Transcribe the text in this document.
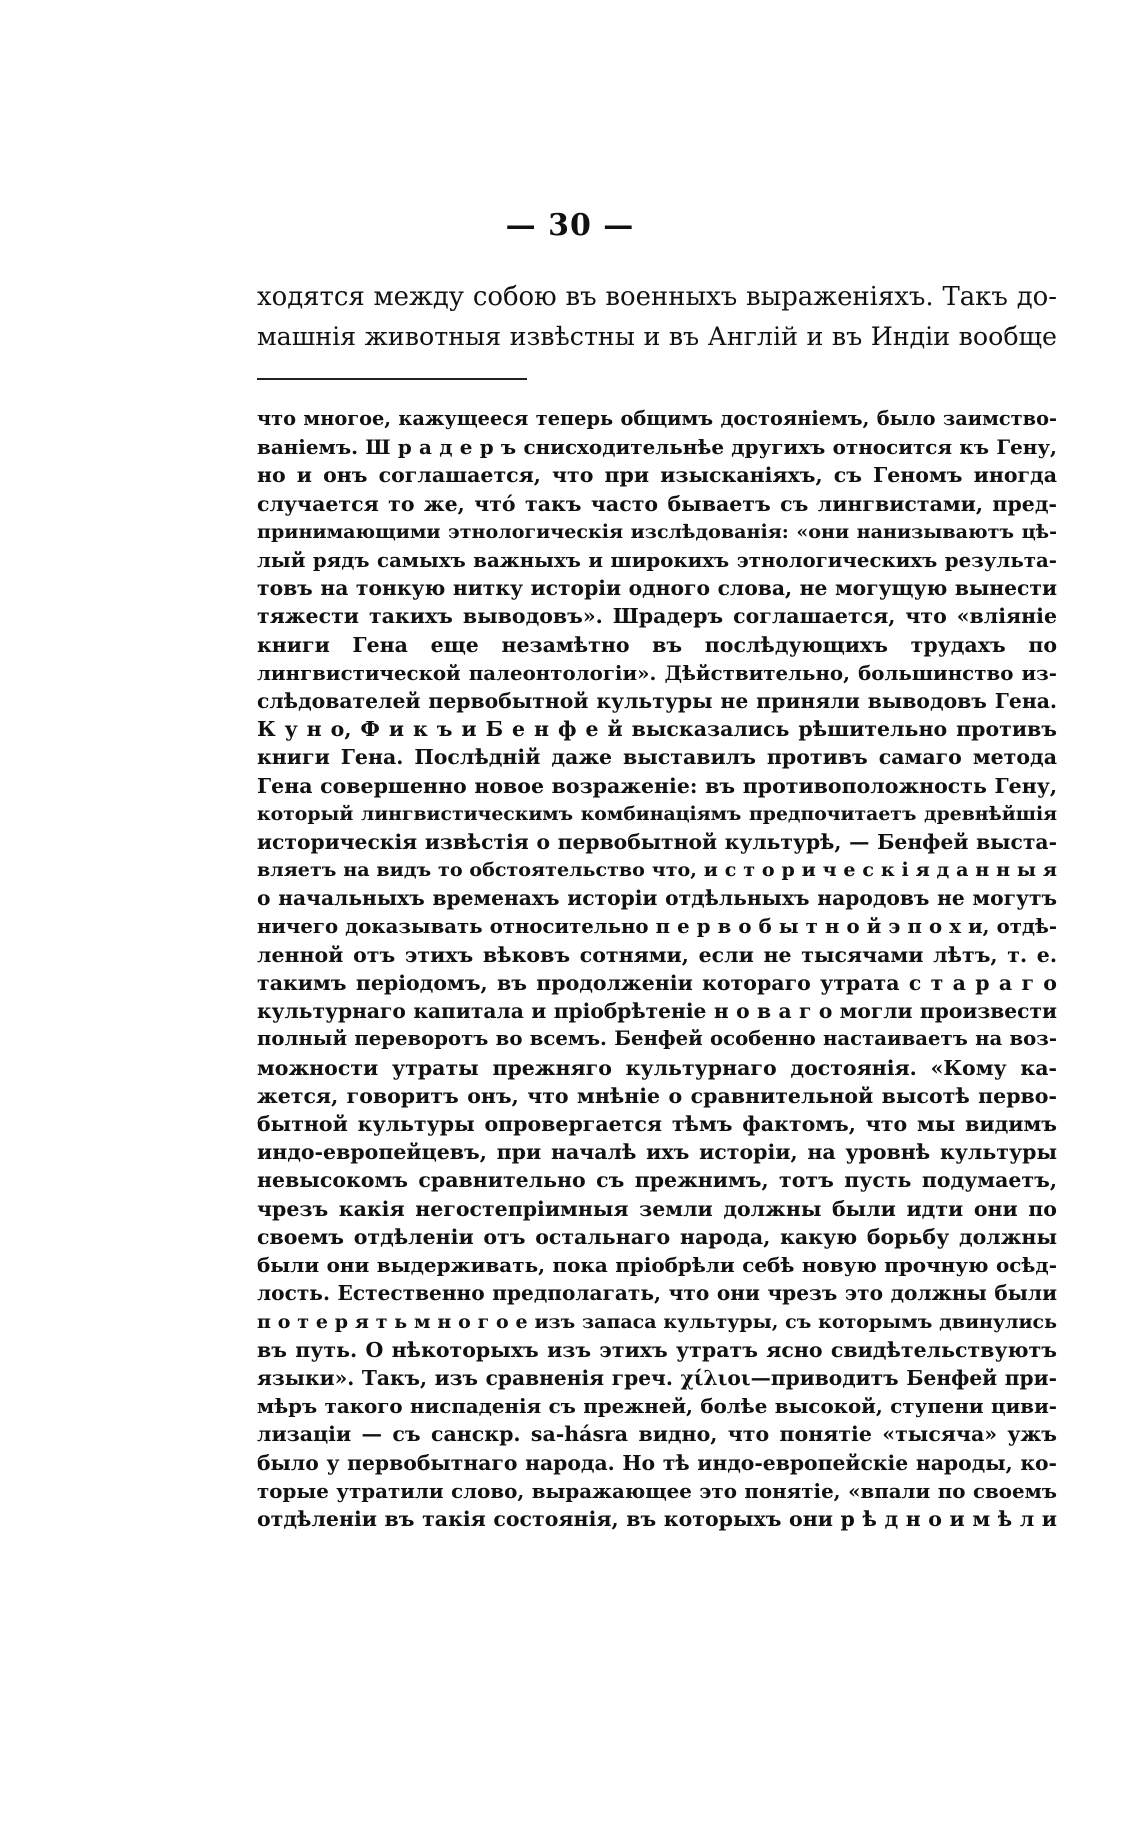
— 30 —
ходятся между собою въ военныхъ выраженіяхъ. Такъ до-
машнія животныя извѣстны и въ Англій и въ Индіи вообще
что многое, кажущееся теперь общимъ достояніемъ, было заимство-
ваніемъ. Ш р а д е р ъ снисходительнѣе другихъ относится къ Гену,
но и онъ соглашается, что при изысканіяхъ, съ Геномъ иногда
случается то же, чтó такъ часто бываетъ съ лингвистами, пред-
принимающими этнологическія изслѣдованія: «они нанизываютъ цѣ-
лый рядъ самыхъ важныхъ и широкихъ этнологическихъ результа-
товъ на тонкую нитку исторіи одного слова, не могущую вынести
тяжести такихъ выводовъ». Шрадеръ соглашается, что «вліяніе
книги Гена еще незамѣтно въ послѣдующихъ трудахъ по
лингвистической палеонтологіи». Дѣйствительно, большинство из-
слѣдователей первобытной культуры не приняли выводовъ Гена.
К у н о, Ф и к ъ и Б е н ф е й высказались рѣшительно противъ
книги Гена. Послѣдній даже выставилъ противъ самаго метода
Гена совершенно новое возраженіе: въ противоположность Гену,
который лингвистическимъ комбинаціямъ предпочитаетъ древнѣйшія
историческія извѣстія о первобытной культурѣ, — Бенфей выста-
вляетъ на видъ то обстоятельство что, и с т о р и ч е с к і я д а н н ы я
о начальныхъ временахъ исторіи отдѣльныхъ народовъ не могутъ
ничего доказывать относительно п е р в о б ы т н о й э п о х и, отдѣ-
ленной отъ этихъ вѣковъ сотнями, если не тысячами лѣтъ, т. е.
такимъ періодомъ, въ продолженіи котораго утрата с т а р а г о
культурнаго капитала и пріобрѣтеніе н о в а г о могли произвести
полный переворотъ во всемъ. Бенфей особенно настаиваетъ на воз-
можности утраты прежняго культурнаго достоянія. «Кому ка-
жется, говоритъ онъ, что мнѣніе о сравнительной высотѣ перво-
бытной культуры опровергается тѣмъ фактомъ, что мы видимъ
индо-европейцевъ, при началѣ ихъ исторіи, на уровнѣ культуры
невысокомъ сравнительно съ прежнимъ, тотъ пусть подумаетъ,
чрезъ какія негостепріимныя земли должны были идти они по
своемъ отдѣленіи отъ остальнаго народа, какую борьбу должны
были они выдерживать, пока пріобрѣли себѣ новую прочную осѣд-
лость. Естественно предполагать, что они чрезъ это должны были
п о т е р я т ь м н о г о е изъ запаса культуры, съ которымъ двинулись
въ путь. О нѣкоторыхъ изъ этихъ утратъ ясно свидѣтельствуютъ
языки». Такъ, изъ сравненія греч. χίλιοι—приводитъ Бенфей при-
мѣръ такого ниспаденія съ прежней, болѣе высокой, ступени циви-
лизаціи — съ санскр. sa-hásra видно, что понятіе «тысяча» ужъ
было у первобытнаго народа. Но тѣ индо-европейскіе народы, ко-
торые утратили слово, выражающее это понятіе, «впали по своемъ
отдѣленіи въ такія состоянія, въ которыхъ они р ѣ д н о и м ѣ л и
